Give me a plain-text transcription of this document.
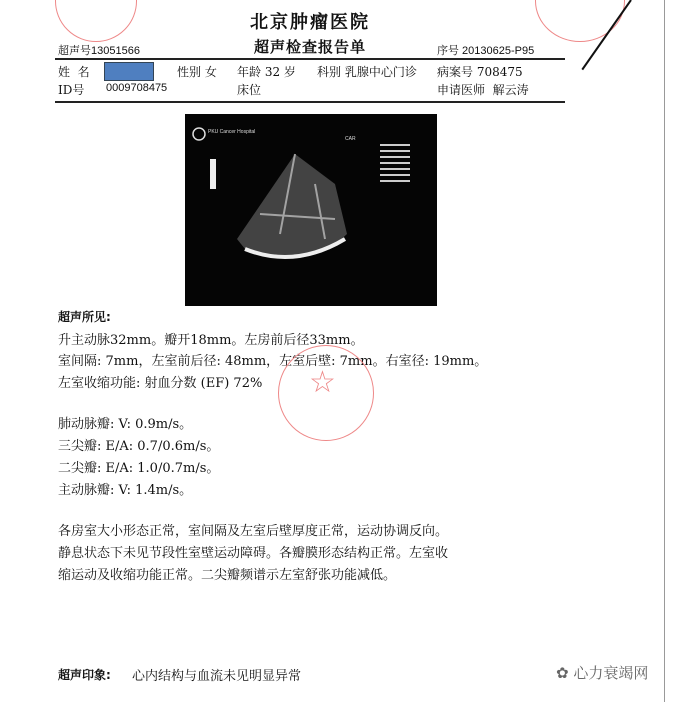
北京肿瘤医院
超声检查报告单
超声号13051566	序号 20130625-P95
姓  名	性别 女 年龄 32 岁 科别 乳腺中心门诊 病案号 708475
ID号 0009708475	床位	申请医师  解云涛
PKU Cancer Hospital
CAR
超声所见:
升主动脉32mm。瓣开18mm。左房前后径33mm。
室间隔: 7mm，左室前后径: 48mm，左室后壁: 7mm。右室径: 19mm。
左室收缩功能: 射血分数 (EF) 72%
肺动脉瓣: V: 0.9m/s。
三尖瓣: E/A: 0.7/0.6m/s。
二尖瓣: E/A: 1.0/0.7m/s。
主动脉瓣: V: 1.4m/s。
☆
各房室大小形态正常，室间隔及左室后壁厚度正常，运动协调反向。
静息状态下未见节段性室壁运动障碍。各瓣膜形态结构正常。左室收
缩运动及收缩功能正常。二尖瓣频谱示左室舒张功能减低。
超声印象: 心内结构与血流未见明显异常	✿ 心力衰竭网
